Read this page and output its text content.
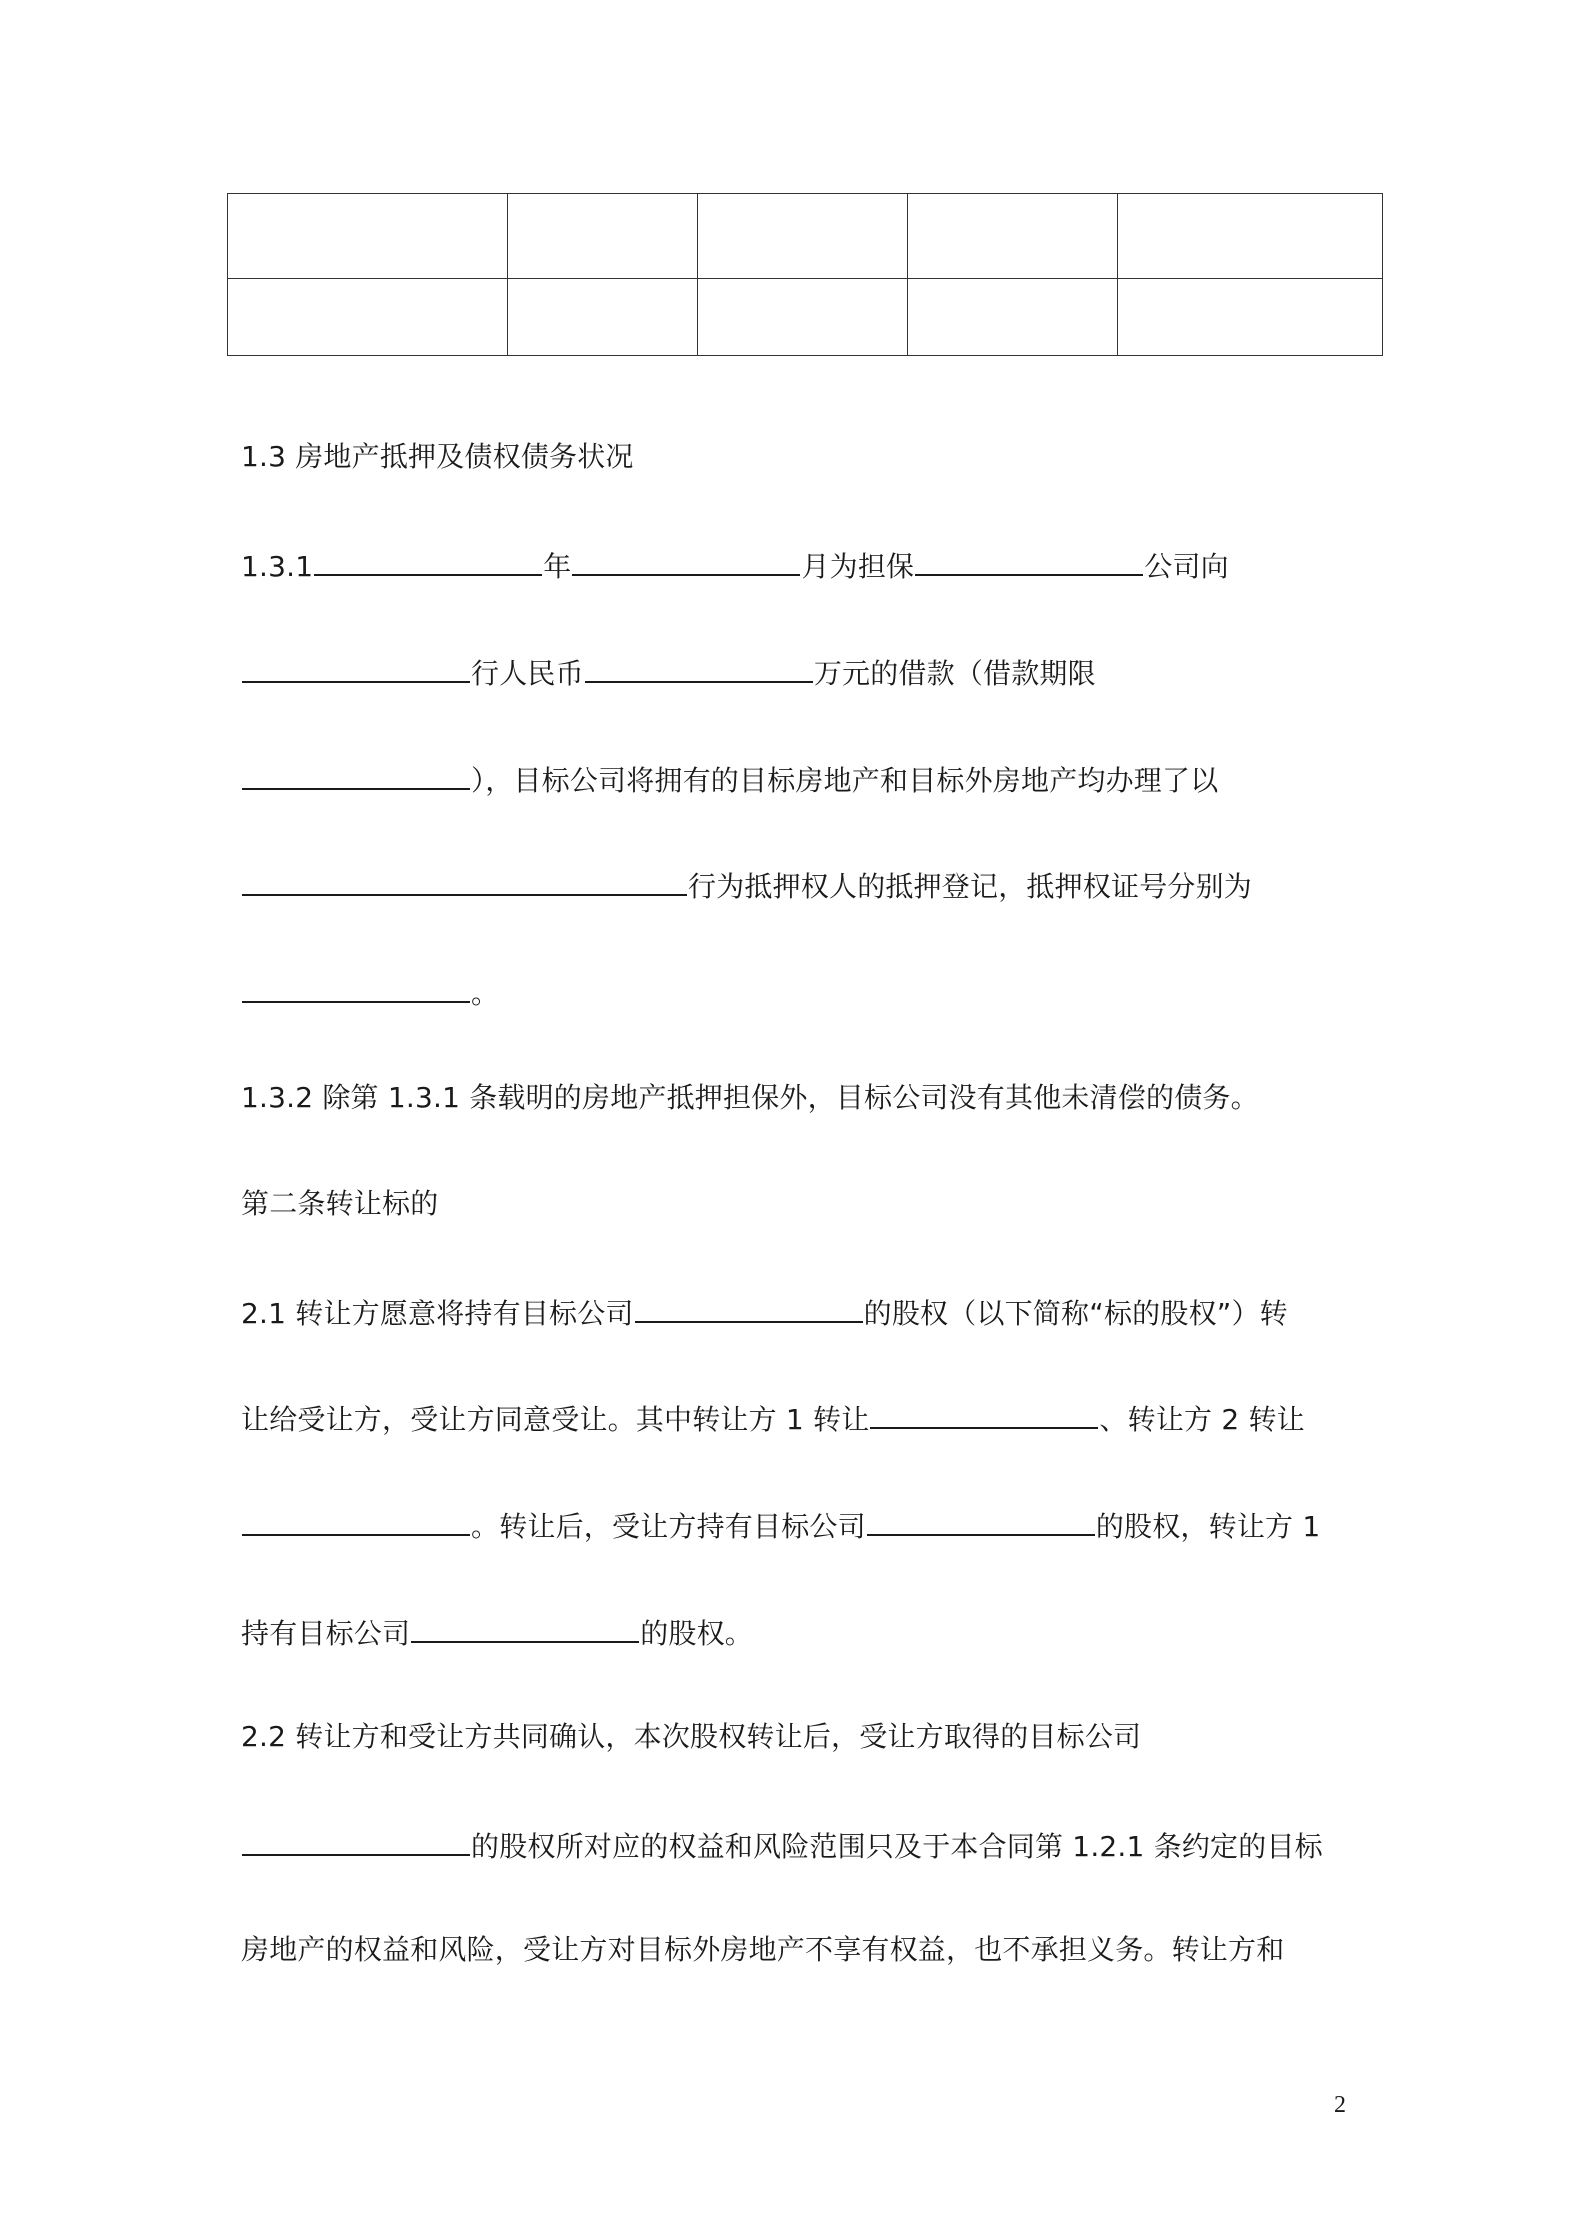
1.3 房地产抵押及债权债务状况
1.3.1	年	月为担保	公司向
行人民币	万元的借款（借款期限
），目标公司将拥有的目标房地产和目标外房地产均办理了以
行为抵押权人的抵押登记，抵押权证号分别为
。
1.3.2 除第 1.3.1 条载明的房地产抵押担保外，目标公司没有其他未清偿的债务。
第二条转让标的
2.1 转让方愿意将持有目标公司	的股权（以下简称“标的股权”）转
让给受让方，受让方同意受让。其中转让方 1 转让	、转让方 2 转让
。转让后，受让方持有目标公司	的股权，转让方 1
持有目标公司	的股权。
2.2 转让方和受让方共同确认，本次股权转让后，受让方取得的目标公司
的股权所对应的权益和风险范围只及于本合同第 1.2.1 条约定的目标
房地产的权益和风险，受让方对目标外房地产不享有权益，也不承担义务。转让方和
2
